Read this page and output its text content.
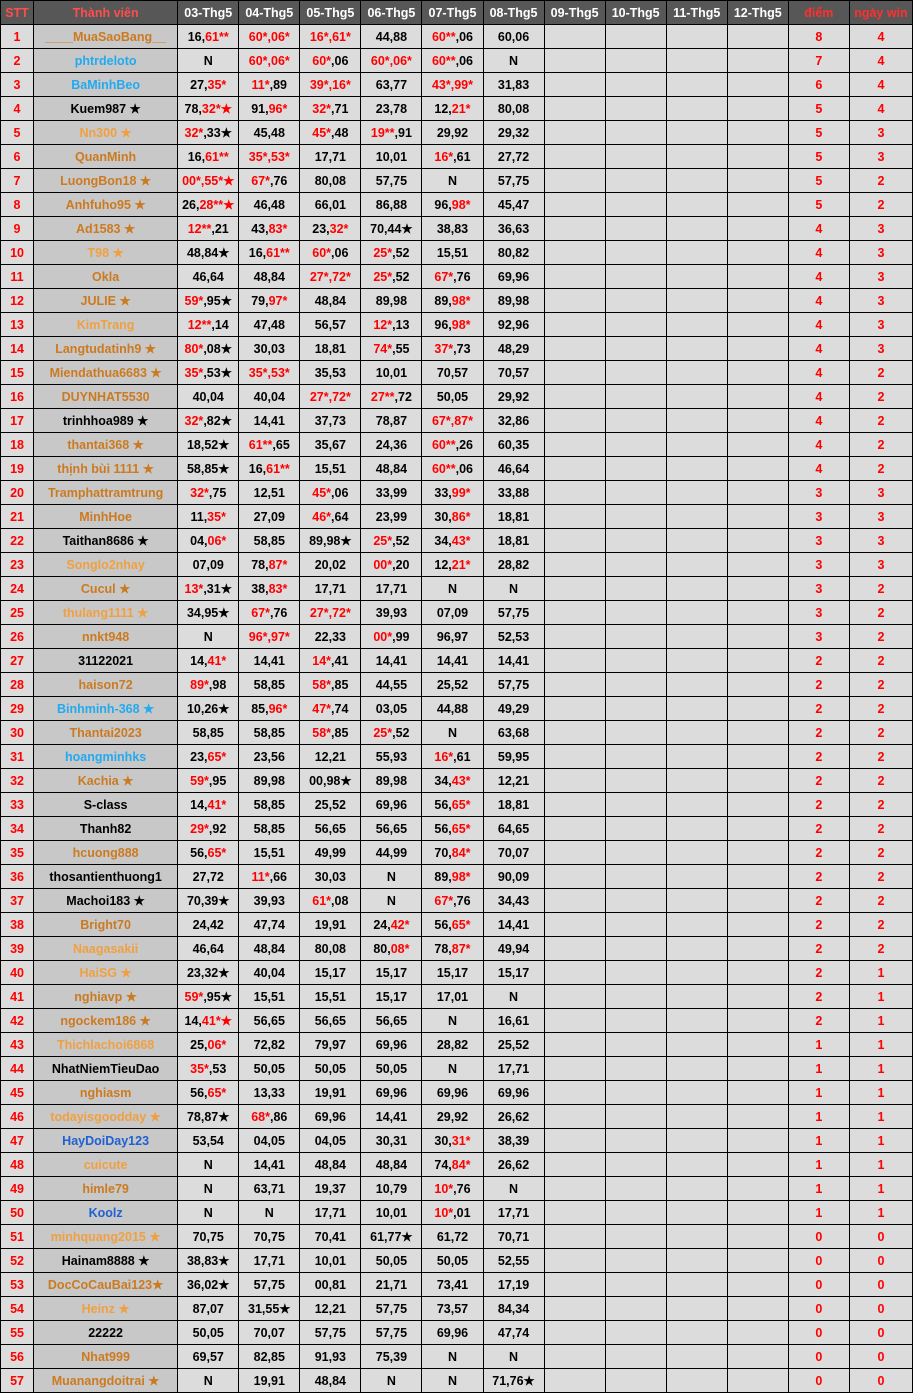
STT	Thành viên	03-Thg5	04-Thg5	05-Thg5	06-Thg5	07-Thg5	08-Thg5	09-Thg5	10-Thg5	11-Thg5	12-Thg5	điểm	ngày win
1	____MuaSaoBang__	16,61**	60*,06*	16*,61*	44,88	60**,06	60,06					8	4
2	phtrdeloto	N	60*,06*	60*,06	60*,06*	60**,06	N					7	4
3	BaMinhBeo	27,35*	11*,89	39*,16*	63,77	43*,99*	31,83					6	4
4	Kuem987 ★	78,32*★	91,96*	32*,71	23,78	12,21*	80,08					5	4
5	Nn300 ★	32*,33★	45,48	45*,48	19**,91	29,92	29,32					5	3
6	QuanMinh	16,61**	35*,53*	17,71	10,01	16*,61	27,72					5	3
7	LuongBon18 ★	00*,55*★	67*,76	80,08	57,75	N	57,75					5	2
8	Anhfuho95 ★	26,28**★	46,48	66,01	86,88	96,98*	45,47					5	2
9	Ad1583 ★	12**,21	43,83*	23,32*	70,44★	38,83	36,63					4	3
10	T98 ★	48,84★	16,61**	60*,06	25*,52	15,51	80,82					4	3
11	Okla	46,64	48,84	27*,72*	25*,52	67*,76	69,96					4	3
12	JULIE ★	59*,95★	79,97*	48,84	89,98	89,98*	89,98					4	3
13	KimTrang	12**,14	47,48	56,57	12*,13	96,98*	92,96					4	3
14	Langtudatinh9 ★	80*,08★	30,03	18,81	74*,55	37*,73	48,29					4	3
15	Miendathua6683 ★	35*,53★	35*,53*	35,53	10,01	70,57	70,57					4	2
16	DUYNHAT5530	40,04	40,04	27*,72*	27**,72	50,05	29,92					4	2
17	trinhhoa989 ★	32*,82★	14,41	37,73	78,87	67*,87*	32,86					4	2
18	thantai368 ★	18,52★	61**,65	35,67	24,36	60**,26	60,35					4	2
19	thịnh bùi 1111 ★	58,85★	16,61**	15,51	48,84	60**,06	46,64					4	2
20	Tramphattramtrung	32*,75	12,51	45*,06	33,99	33,99*	33,88					3	3
21	MinhHoe	11,35*	27,09	46*,64	23,99	30,86*	18,81					3	3
22	Taithan8686 ★	04,06*	58,85	89,98★	25*,52	34,43*	18,81					3	3
23	Songlo2nhay	07,09	78,87*	20,02	00*,20	12,21*	28,82					3	3
24	Cucul ★	13*,31★	38,83*	17,71	17,71	N	N					3	2
25	thulang1111 ★	34,95★	67*,76	27*,72*	39,93	07,09	57,75					3	2
26	nnkt948	N	96*,97*	22,33	00*,99	96,97	52,53					3	2
27	31122021	14,41*	14,41	14*,41	14,41	14,41	14,41					2	2
28	haison72	89*,98	58,85	58*,85	44,55	25,52	57,75					2	2
29	Binhminh-368 ★	10,26★	85,96*	47*,74	03,05	44,88	49,29					2	2
30	Thantai2023	58,85	58,85	58*,85	25*,52	N	63,68					2	2
31	hoangminhks	23,65*	23,56	12,21	55,93	16*,61	59,95					2	2
32	Kachia ★	59*,95	89,98	00,98★	89,98	34,43*	12,21					2	2
33	S-class	14,41*	58,85	25,52	69,96	56,65*	18,81					2	2
34	Thanh82	29*,92	58,85	56,65	56,65	56,65*	64,65					2	2
35	hcuong888	56,65*	15,51	49,99	44,99	70,84*	70,07					2	2
36	thosantienthuong1	27,72	11*,66	30,03	N	89,98*	90,09					2	2
37	Machoi183 ★	70,39★	39,93	61*,08	N	67*,76	34,43					2	2
38	Bright70	24,42	47,74	19,91	24,42*	56,65*	14,41					2	2
39	Naagasakii	46,64	48,84	80,08	80,08*	78,87*	49,94					2	2
40	HaiSG ★	23,32★	40,04	15,17	15,17	15,17	15,17					2	1
41	nghiavp ★	59*,95★	15,51	15,51	15,17	17,01	N					2	1
42	ngockem186 ★	14,41*★	56,65	56,65	56,65	N	16,61					2	1
43	Thichlachoi6868	25,06*	72,82	79,97	69,96	28,82	25,52					1	1
44	NhatNiemTieuDao	35*,53	50,05	50,05	50,05	N	17,71					1	1
45	nghiasm	56,65*	13,33	19,91	69,96	69,96	69,96					1	1
46	todayisgoodday ★	78,87★	68*,86	69,96	14,41	29,92	26,62					1	1
47	HayDoiDay123	53,54	04,05	04,05	30,31	30,31*	38,39					1	1
48	cuicute	N	14,41	48,84	48,84	74,84*	26,62					1	1
49	himle79	N	63,71	19,37	10,79	10*,76	N					1	1
50	Koolz	N	N	17,71	10,01	10*,01	17,71					1	1
51	minhquang2015 ★	70,75	70,75	70,41	61,77★	61,72	70,71					0	0
52	Hainam8888 ★	38,83★	17,71	10,01	50,05	50,05	52,55					0	0
53	DocCoCauBai123★	36,02★	57,75	00,81	21,71	73,41	17,19					0	0
54	Heinz ★	87,07	31,55★	12,21	57,75	73,57	84,34					0	0
55	22222	50,05	70,07	57,75	57,75	69,96	47,74					0	0
56	Nhat999	69,57	82,85	91,93	75,39	N	N					0	0
57	Muanangdoitrai ★	N	19,91	48,84	N	N	71,76★					0	0
